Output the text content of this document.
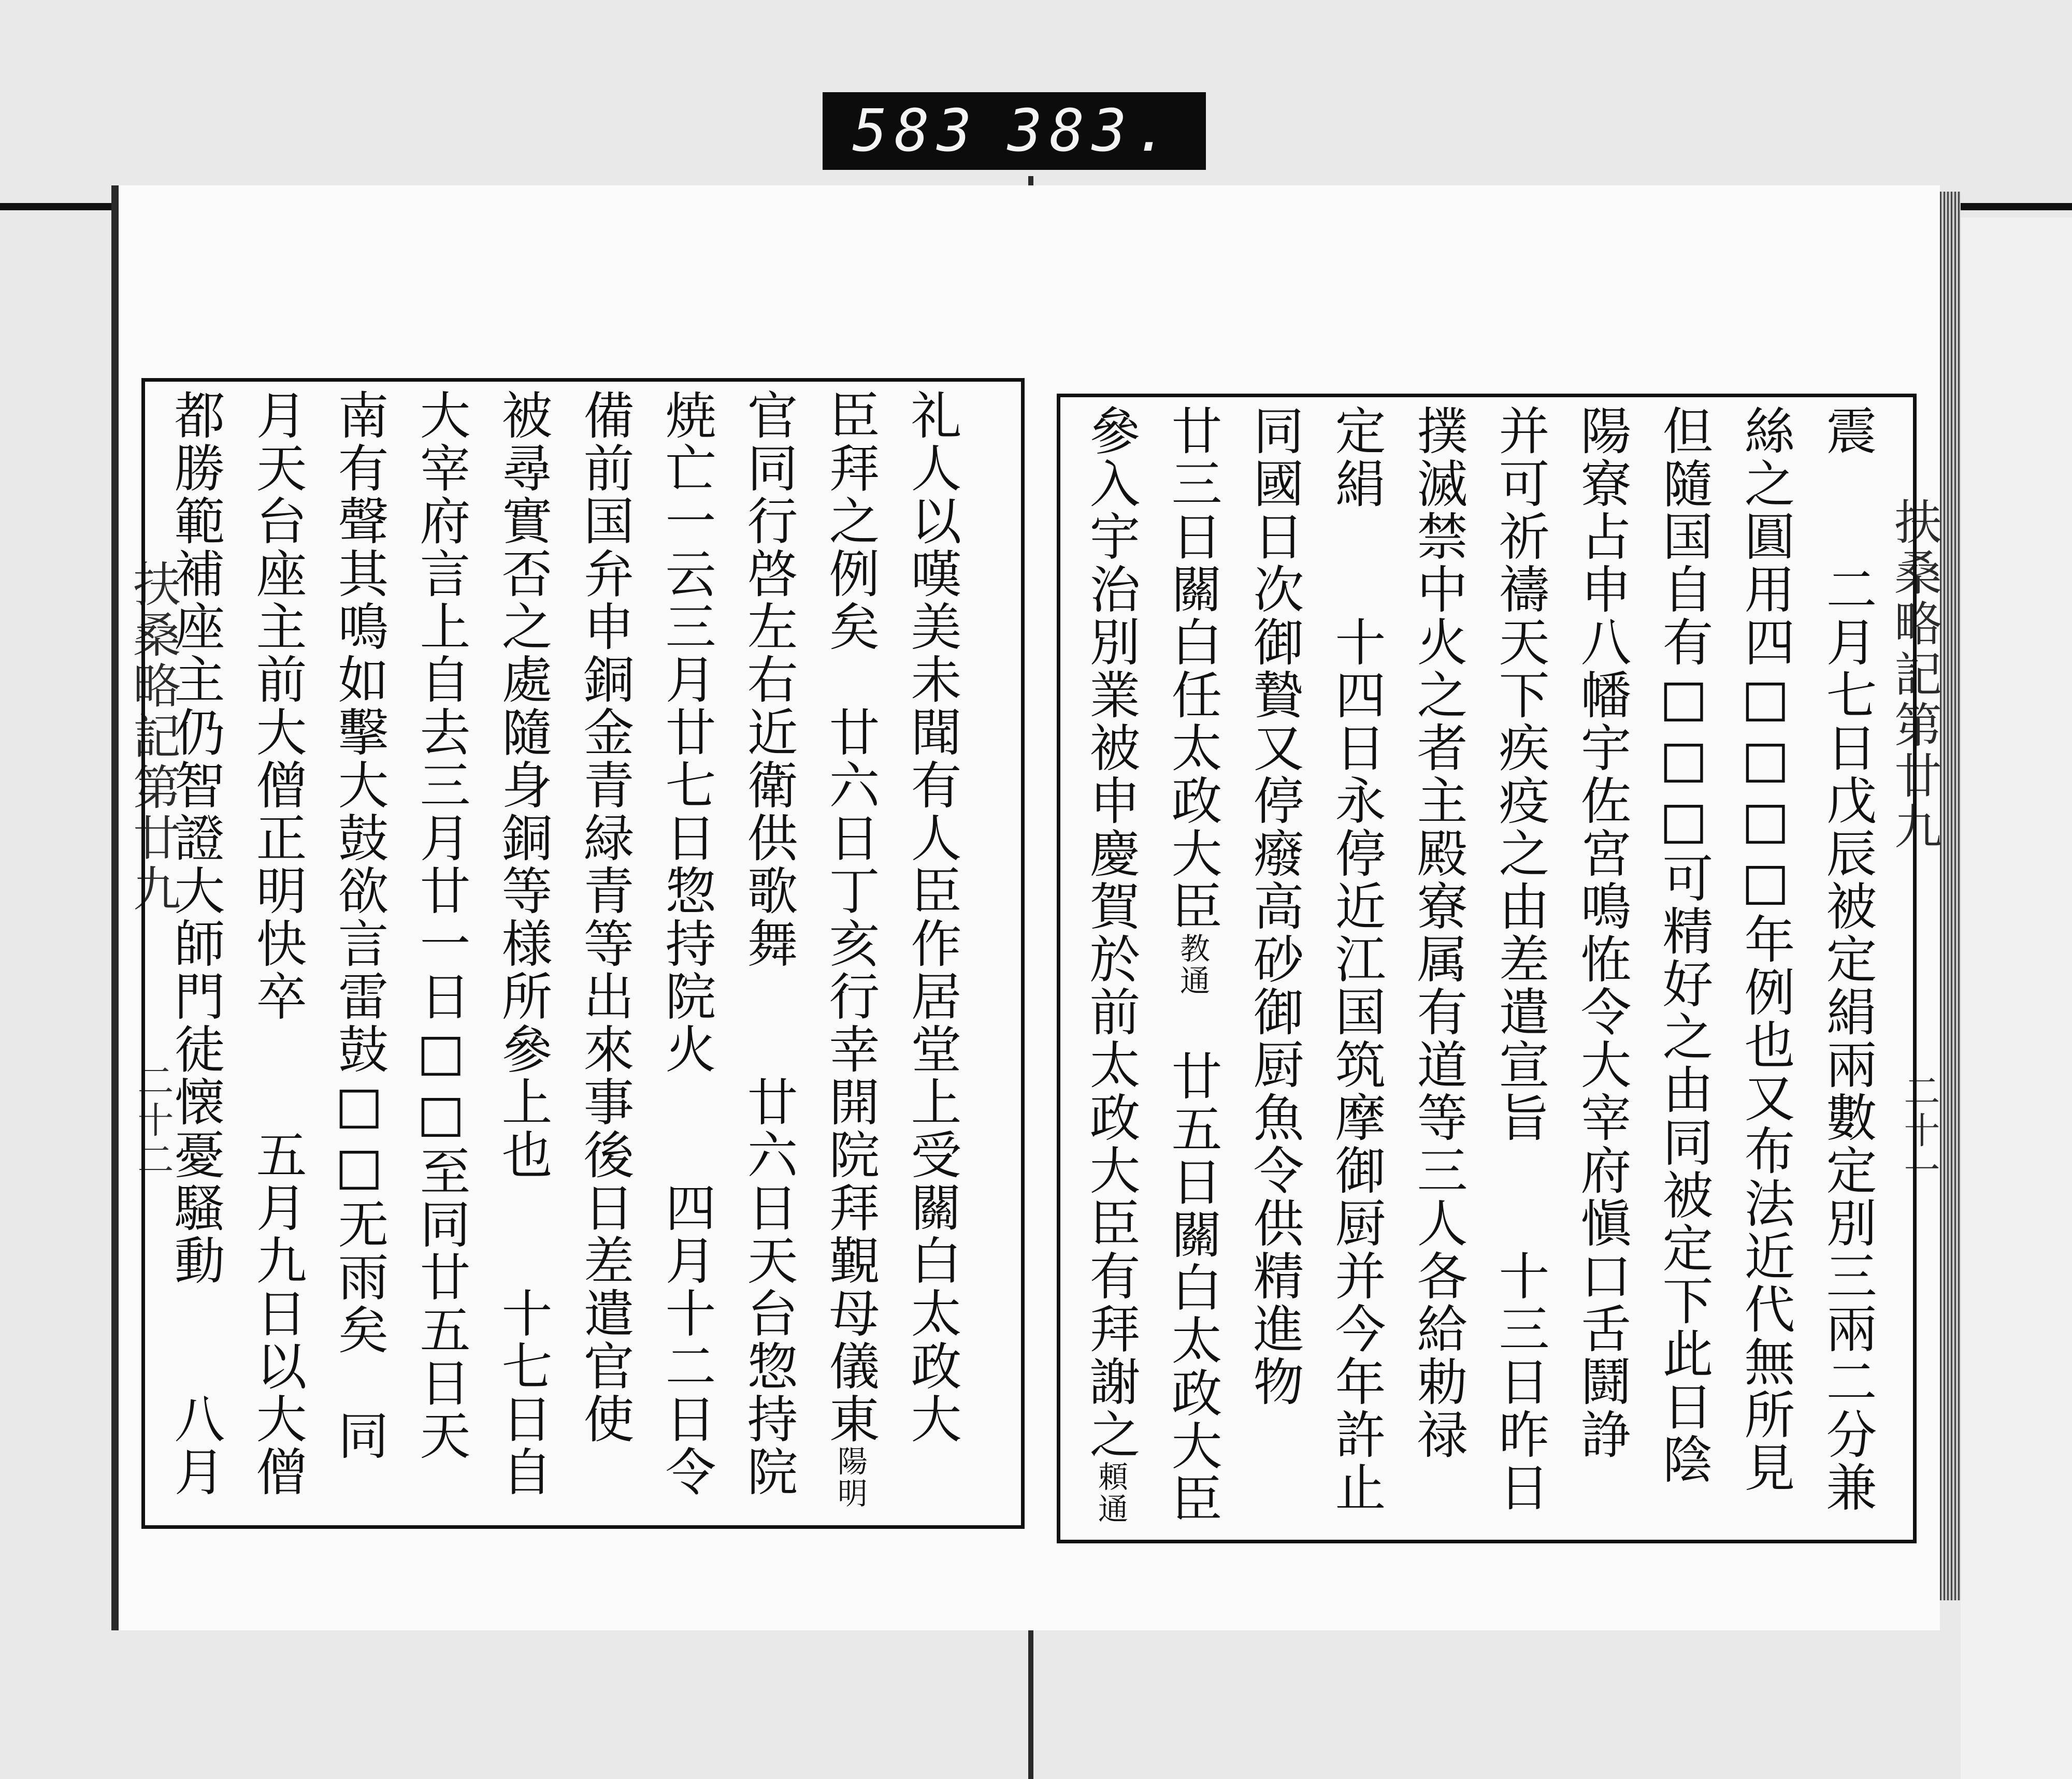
583 383.
扶桑略記第廿九
二十二
扶桑略記第廿九
二十一
礼人以嘆美未聞有人臣作居堂上受關白太政大
臣拜之例矣　廿六日丁亥行幸開院拜覲母儀東陽明
官同行啓左右近衛供歌舞　　廿六日天台惣持院
焼亡一云三月廿七日惣持院火　　四月十二日令
備前国弁申銅金青緑青等出來事後日差遣官使
被尋實否之處隨身銅等様所參上也　　十七日自
大宰府言上自去三月廿一日□□至同廿五日天
南有聲其鳴如擊大鼓欲言雷鼓□□无雨矣　同
月天台座主前大僧正明快卒　　五月九日以大僧
都勝範補座主仍智證大師門徒懐憂騷動　　八月	震　　二月七日戊辰被定絹兩數定別三兩二分兼
絲之圓用四□□□□年例也又布法近代無所見
但隨国自有□□□可精好之由同被定下此日陰
陽寮占申八幡宇佐宮鳴恠令大宰府愼口舌鬪諍
并可祈禱天下疾疫之由差遣宣旨　　十三日昨日
撲滅禁中火之者主殿寮属有道等三人各給勅禄
定絹　　十四日永停近江国筑摩御厨并今年許止
同國日次御贄又停癈高砂御厨魚令供精進物
廿三日關白任太政大臣教通　廿五日關白太政大臣
參入宇治別業被申慶賀於前太政大臣有拜謝之頼通
